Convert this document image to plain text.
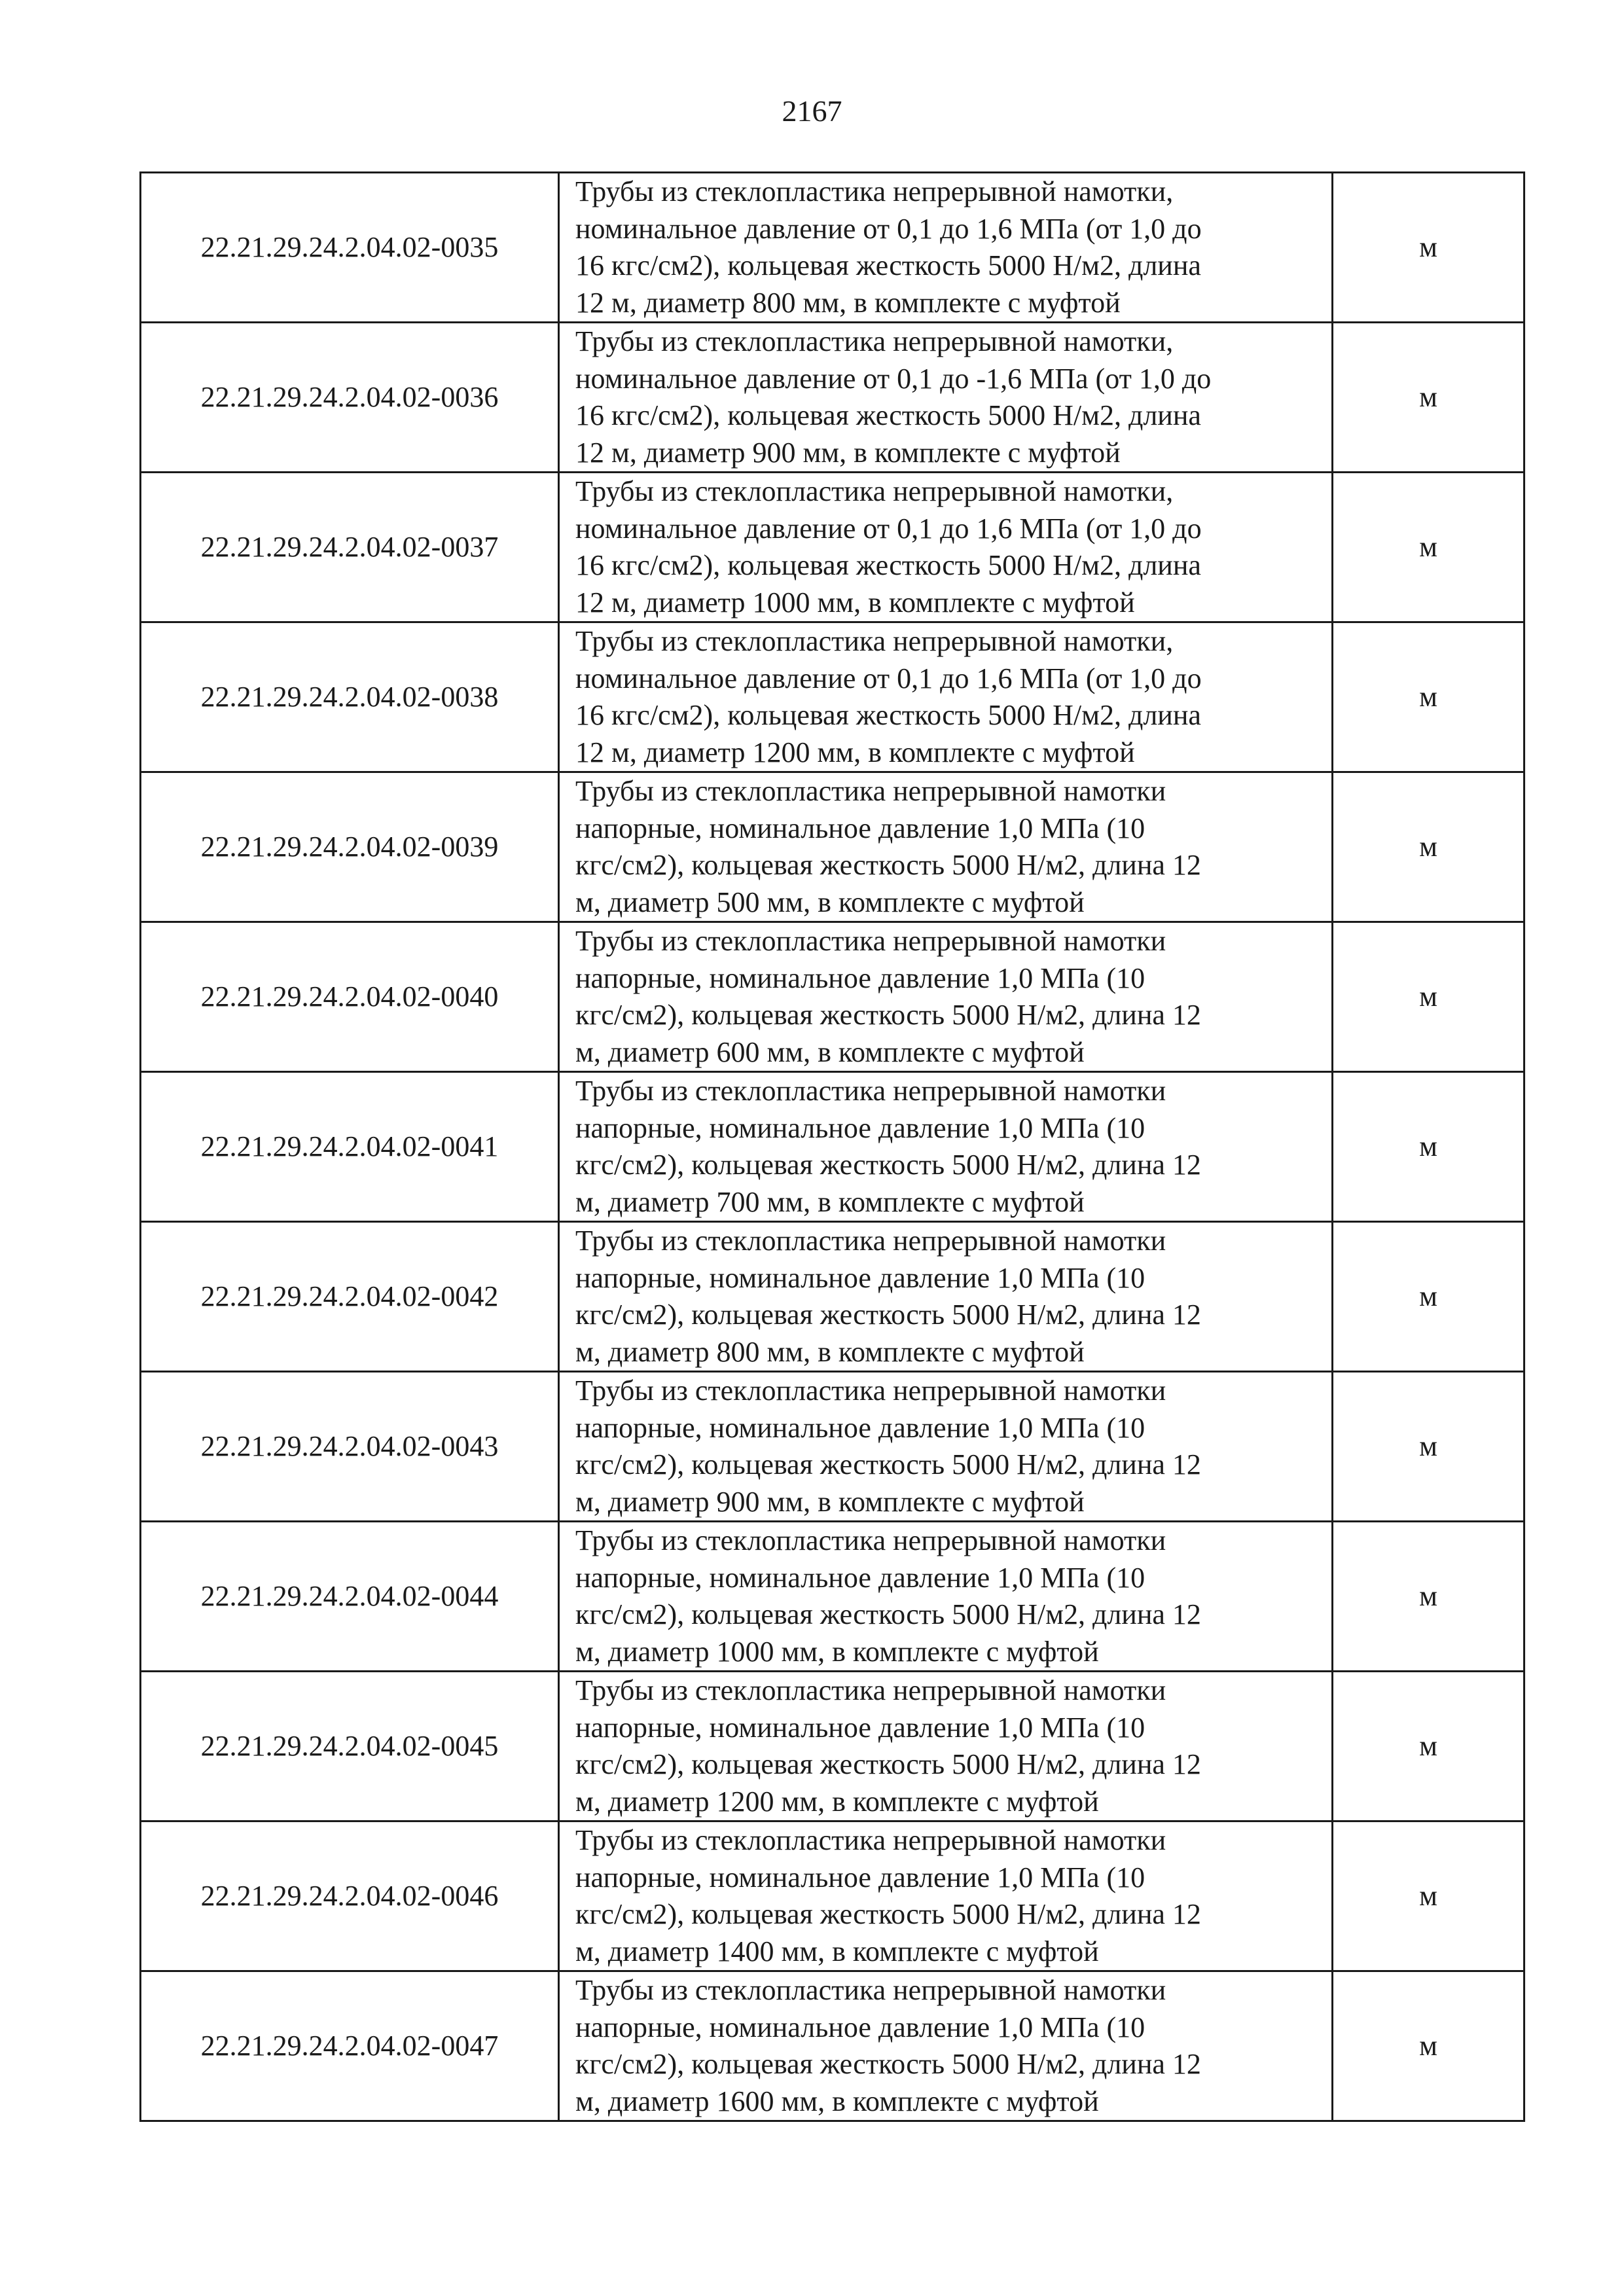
2167
22.21.29.24.2.04.02-0035	Трубы из стеклопластика непрерывной намотки,
номинальное давление от 0,1 до 1,6 МПа (от 1,0 до
16 кгс/см2), кольцевая жесткость 5000 Н/м2, длина
12 м, диаметр 800 мм, в комплекте с муфтой	м
22.21.29.24.2.04.02-0036	Трубы из стеклопластика непрерывной намотки,
номинальное давление от 0,1 до -1,6 МПа (от 1,0 до
16 кгс/см2), кольцевая жесткость 5000 Н/м2, длина
12 м, диаметр 900 мм, в комплекте с муфтой	м
22.21.29.24.2.04.02-0037	Трубы из стеклопластика непрерывной намотки,
номинальное давление от 0,1 до 1,6 МПа (от 1,0 до
16 кгс/см2), кольцевая жесткость 5000 Н/м2, длина
12 м, диаметр 1000 мм, в комплекте с муфтой	м
22.21.29.24.2.04.02-0038	Трубы из стеклопластика непрерывной намотки,
номинальное давление от 0,1 до 1,6 МПа (от 1,0 до
16 кгс/см2), кольцевая жесткость 5000 Н/м2, длина
12 м, диаметр 1200 мм, в комплекте с муфтой	м
22.21.29.24.2.04.02-0039	Трубы из стеклопластика непрерывной намотки
напорные, номинальное давление 1,0 МПа (10
кгс/см2), кольцевая жесткость 5000 Н/м2, длина 12
м, диаметр 500 мм, в комплекте с муфтой	м
22.21.29.24.2.04.02-0040	Трубы из стеклопластика непрерывной намотки
напорные, номинальное давление 1,0 МПа (10
кгс/см2), кольцевая жесткость 5000 Н/м2, длина 12
м, диаметр 600 мм, в комплекте с муфтой	м
22.21.29.24.2.04.02-0041	Трубы из стеклопластика непрерывной намотки
напорные, номинальное давление 1,0 МПа (10
кгс/см2), кольцевая жесткость 5000 Н/м2, длина 12
м, диаметр 700 мм, в комплекте с муфтой	м
22.21.29.24.2.04.02-0042	Трубы из стеклопластика непрерывной намотки
напорные, номинальное давление 1,0 МПа (10
кгс/см2), кольцевая жесткость 5000 Н/м2, длина 12
м, диаметр 800 мм, в комплекте с муфтой	м
22.21.29.24.2.04.02-0043	Трубы из стеклопластика непрерывной намотки
напорные, номинальное давление 1,0 МПа (10
кгс/см2), кольцевая жесткость 5000 Н/м2, длина 12
м, диаметр 900 мм, в комплекте с муфтой	м
22.21.29.24.2.04.02-0044	Трубы из стеклопластика непрерывной намотки
напорные, номинальное давление 1,0 МПа (10
кгс/см2), кольцевая жесткость 5000 Н/м2, длина 12
м, диаметр 1000 мм, в комплекте с муфтой	м
22.21.29.24.2.04.02-0045	Трубы из стеклопластика непрерывной намотки
напорные, номинальное давление 1,0 МПа (10
кгс/см2), кольцевая жесткость 5000 Н/м2, длина 12
м, диаметр 1200 мм, в комплекте с муфтой	м
22.21.29.24.2.04.02-0046	Трубы из стеклопластика непрерывной намотки
напорные, номинальное давление 1,0 МПа (10
кгс/см2), кольцевая жесткость 5000 Н/м2, длина 12
м, диаметр 1400 мм, в комплекте с муфтой	м
22.21.29.24.2.04.02-0047	Трубы из стеклопластика непрерывной намотки
напорные, номинальное давление 1,0 МПа (10
кгс/см2), кольцевая жесткость 5000 Н/м2, длина 12
м, диаметр 1600 мм, в комплекте с муфтой	м
